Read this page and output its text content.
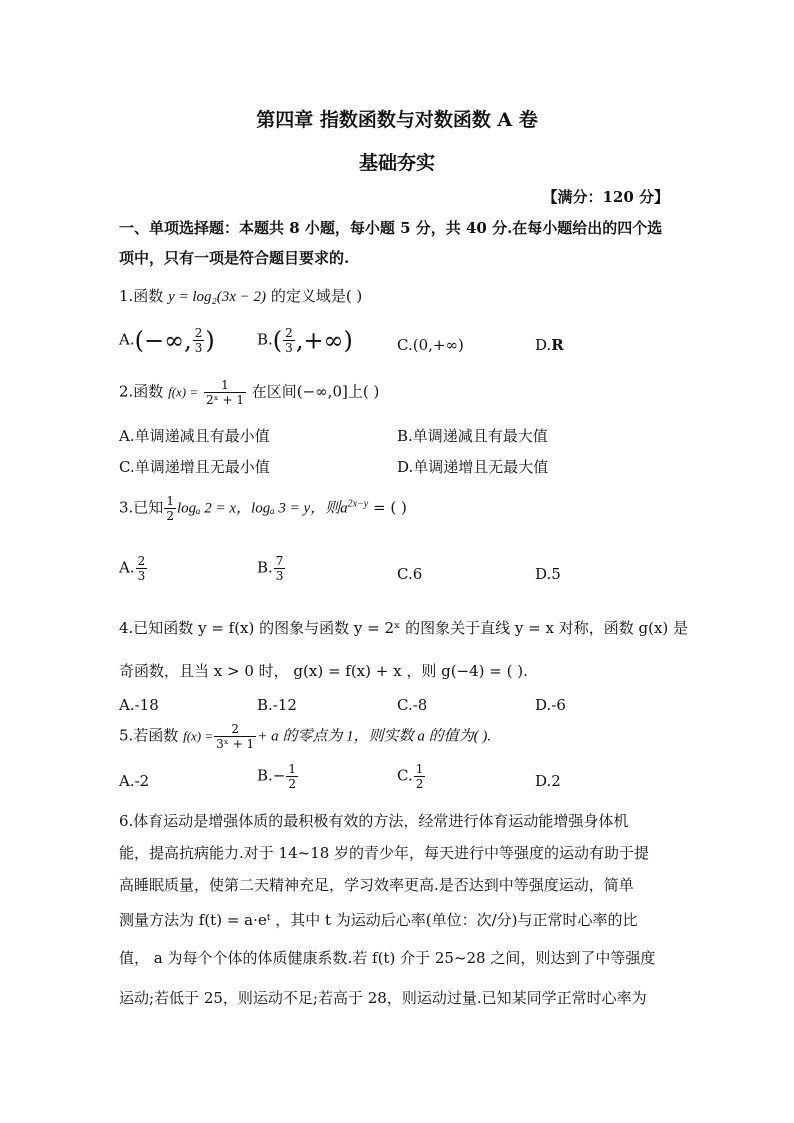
第四章 指数函数与对数函数 A 卷
基础夯实
【满分：120 分】
一、单项选择题：本题共 8 小题，每小题 5 分，共 40 分.在每小题给出的四个选
项中，只有一项是符合题目要求的.
1.函数 y = log₂(3x − 2) 的定义域是( )
A.(−∞, $\frac{2}{3}$ )	$B.( \frac{2}{3}$ ,+∞)	C.(0,+∞)	D.R
2.函数 $f(x) = \frac{1}{\text{2ˣ + 1}}$ 在区间(−∞,0]上( )
A.单调递减且有最小值	B.单调递减且有最大值
C.单调递增且无最小值	D.单调递增且无最大值
3.已知 $\frac{1}{2}$ logₐ 2 = x，logₐ 3 = y，则$a^{2x-y}$ = ( )
A. $\frac{2}{3}$	B. $\frac{7}{3}$	C.6	D.5
4.已知函数 y = f(x) 的图象与函数 y = 2ˣ 的图象关于直线 y = x 对称，函数 g(x) 是
奇函数，且当 x > 0 时， g(x) = f(x) + x ，则 g(−4) = ( ).
A.-18	B.-12	C.-8	D.-6
5.若函数 $f(x) = \frac{2}{\text{3ˣ + 1}} + a$ 的零点为 1，则实数 a 的值为( ).
A.-2	$B.- \frac{1}{2}$	C. $\frac{1}{2}$	D.2
6.体育运动是增强体质的最积极有效的方法，经常进行体育运动能增强身体机
能，提高抗病能力.对于 14~18 岁的青少年，每天进行中等强度的运动有助于提
高睡眠质量，使第二天精神充足，学习效率更高.是否达到中等强度运动，简单
测量方法为 f(t) = a·eᵗ ，其中 t 为运动后心率(单位：次/分)与正常时心率的比
值， a 为每个个体的体质健康系数.若 f(t) 介于 25~28 之间，则达到了中等强度
运动;若低于 25，则运动不足;若高于 28，则运动过量.已知某同学正常时心率为
